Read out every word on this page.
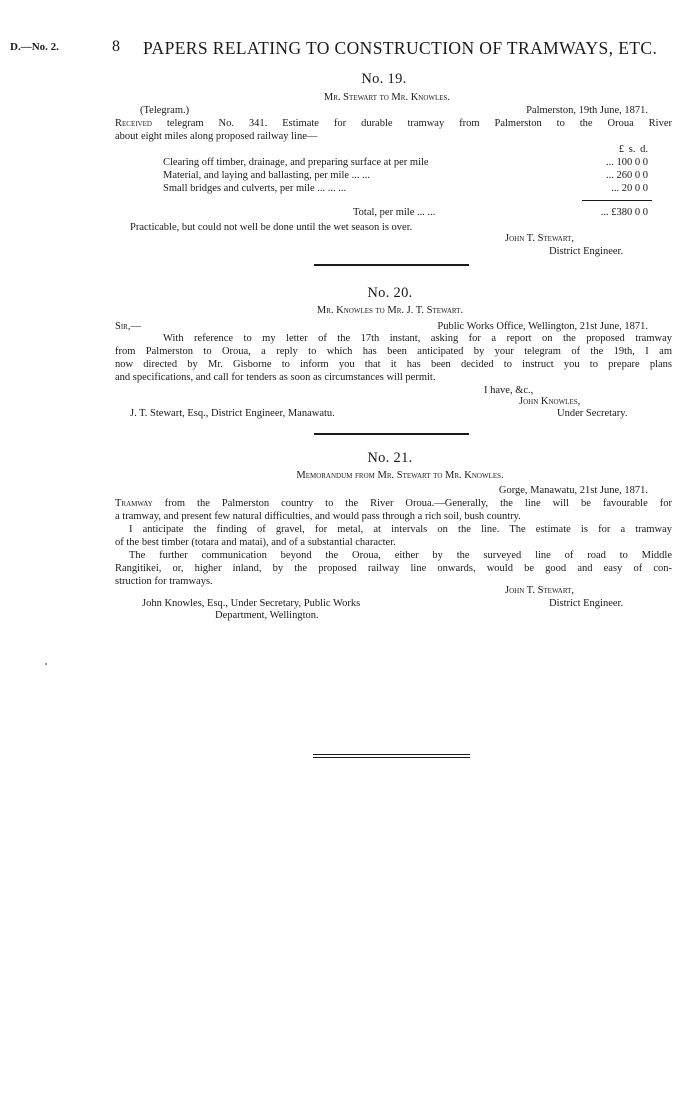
D.—No. 2.	8 PAPERS RELATING TO CONSTRUCTION OF TRAMWAYS, ETC.
No. 19.
Mr. Stewart to Mr. Knowles.
(Telegram.)	Palmerston, 19th June, 1871.

Received telegram No. 341. Estimate for durable tramway from Palmerston to the Oroua River

about eight miles along proposed railway line—

£ s. d.
Clearing off timber, drainage, and preparing surface at per mile	... 100 0 0
Material, and laying and ballasting, per mile ... ...	... 260 0 0
Small bridges and culverts, per mile ... ... ...	... 20 0 0
Total, per mile ... ...	... £380 0 0
Practicable, but could not well be done until the wet season is over.
John T. Stewart,
District Engineer.
No. 20.
Mr. Knowles to Mr. J. T. Stewart.
Sir,—	Public Works Office, Wellington, 21st June, 1871.

With reference to my letter of the 17th instant, asking for a report on the proposed tramway

from Palmerston to Oroua, a reply to which has been anticipated by your telegram of the 19th, I am

now directed by Mr. Gisborne to inform you that it has been decided to instruct you to prepare plans

and specifications, and call for tenders as soon as circumstances will permit.

I have, &c.,
John Knowles,
J. T. Stewart, Esq., District Engineer, Manawatu.	Under Secretary.
No. 21.
Memorandum from Mr. Stewart to Mr. Knowles.
Gorge, Manawatu, 21st June, 1871.

Tramway from the Palmerston country to the River Oroua.—Generally, the line will be favourable for

a tramway, and present few natural difficulties, and would pass through a rich soil, bush country.

I anticipate the finding of gravel, for metal, at intervals on the line. The estimate is for a tramway

of the best timber (totara and matai), and of a substantial character.

The further communication beyond the Oroua, either by the surveyed line of road to Middle

Rangitikei, or, higher inland, by the proposed railway line onwards, would be good and easy of con-

struction for tramways.

John T. Stewart,
John Knowles, Esq., Under Secretary, Public Works	District Engineer.
Department, Wellington.
